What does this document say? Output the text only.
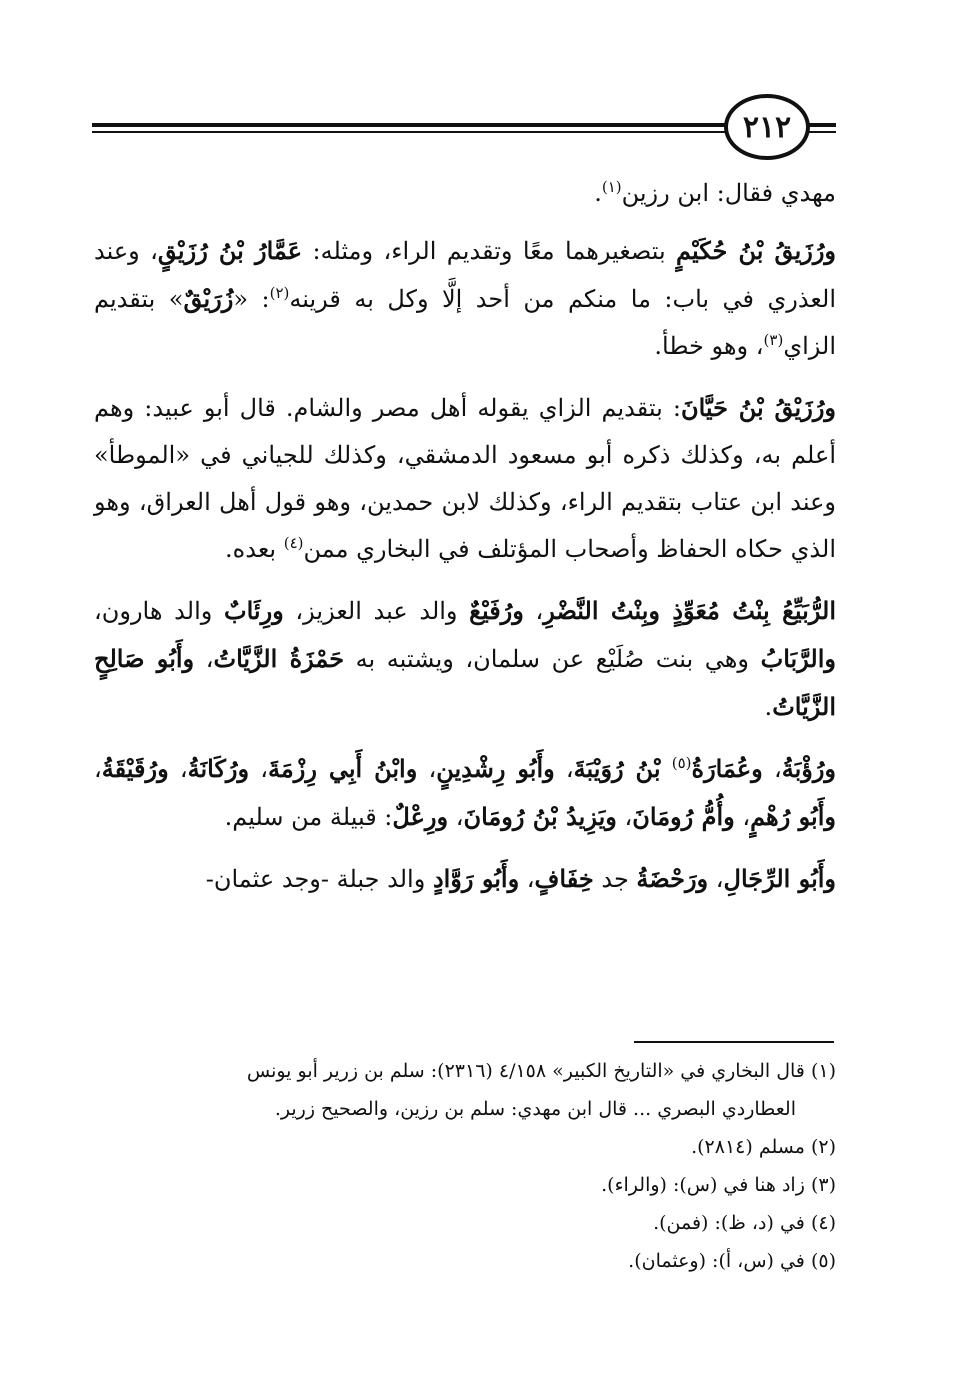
٢١٢

مهدي فقال: ابن رزين$^{(١)}$.

ورُزَيقُ بْنُ حُكَيْمٍ بتصغيرهما معًا وتقديم الراء، ومثله: عَمَّارُ بْنُ رُزَيْقٍ، وعند العذري في باب: ما منكم من أحد إلَّا وكل به قرينه$^{(٢)}$: «زُرَيْقٌ» بتقديم الزاي$^{(٣)}$، وهو خطأ.

ورُزَيْقُ بْنُ حَيَّانَ: بتقديم الزاي يقوله أهل مصر والشام. قال أبو عبيد: وهم أعلم به، وكذلك ذكره أبو مسعود الدمشقي، وكذلك للجياني في «الموطأ» وعند ابن عتاب بتقديم الراء، وكذلك لابن حمدين، وهو قول أهل العراق، وهو الذي حكاه الحفاظ وأصحاب المؤتلف في البخاري ممن$^{(٤)}$ بعده.

الرُّبَيِّعُ بِنْتُ مُعَوِّذٍ وبِنْتُ النَّضْرِ، ورُفَيْعٌ والد عبد العزيز، ورِئَابٌ والد هارون، والرَّبَابُ وهي بنت صُلَيْع عن سلمان، ويشتبه به حَمْزَةُ الزَّيَّاتُ، وأَبُو صَالِحٍ الزَّيَّاتُ.

ورُؤْبَةُ، وعُمَارَةُ$^{(٥)}$ بْنُ رُوَيْبَةَ، وأَبُو رِشْدِينٍ، وابْنُ أَبِي رِزْمَةَ، ورُكَانَةُ، ورُقَيْقَةُ، وأَبُو رُهْمٍ، وأُمُّ رُومَانَ، ويَزِيدُ بْنُ رُومَانَ، ورِعْلٌ: قبيلة من سليم.

وأَبُو الرِّجَالِ، ورَحْضَةُ جد خِفَافٍ، وأَبُو رَوَّادٍ والد جبلة -وجد عثمان-

(١) قال البخاري في «التاريخ الكبير» ٤/١٥٨ (٢٣١٦): سلم بن زرير أبو يونس

العطاردي البصري ... قال ابن مهدي: سلم بن رزين، والصحيح زرير.

(٢) مسلم (٢٨١٤).

(٣) زاد هنا في (س): (والراء).

(٤) في (د، ظ): (فمن).

(٥) في (س، أ): (وعثمان).
